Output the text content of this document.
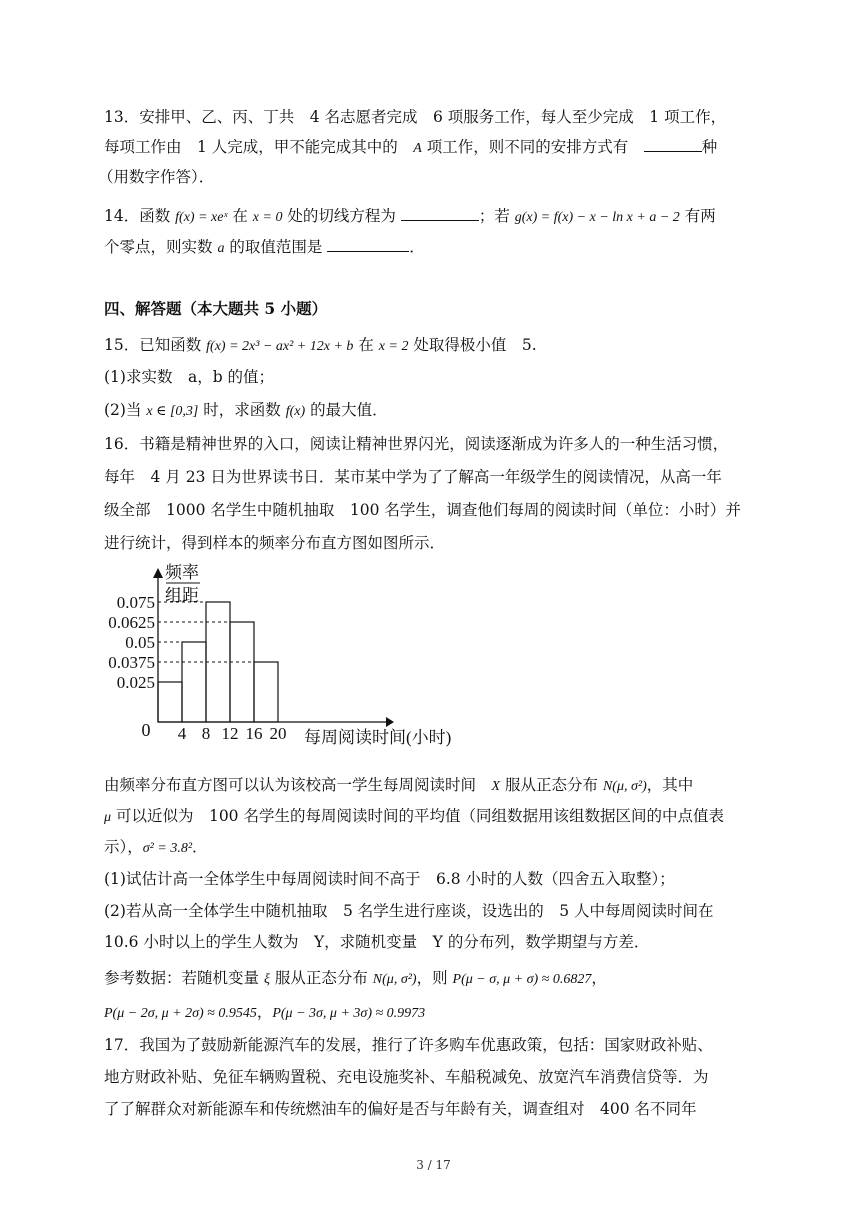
13．安排甲、乙、丙、丁共　4 名志愿者完成　6 项服务工作，每人至少完成　1 项工作，
每项工作由　1 人完成，甲不能完成其中的　A 项工作，则不同的安排方式有　	种
（用数字作答）．
14．函数 f(x) = xeˣ 在 x = 0 处的切线方程为	；若 g(x) = f(x) − x − ln x + a − 2 有两
个零点，则实数 a 的取值范围是	．
四、解答题（本大题共 5 小题）
15．已知函数 f(x) = 2x³ − ax² + 12x + b 在 x = 2 处取得极小值　5.
(1)求实数　a，b 的值；
(2)当 x ∈ [0,3] 时，求函数 f(x) 的最大值．
16．书籍是精神世界的入口，阅读让精神世界闪光，阅读逐渐成为许多人的一种生活习惯，
每年　4 月 23 日为世界读书日．某市某中学为了了解高一年级学生的阅读情况，从高一年
级全部　1000 名学生中随机抽取　100 名学生，调查他们每周的阅读时间（单位：小时）并
进行统计，得到样本的频率分布直方图如图所示．
0.075
0.0625
0.05
0.0375
0.025
0 4 8 12 16 20
频率
组距
每周阅读时间(小时)
由频率分布直方图可以认为该校高一学生每周阅读时间　X 服从正态分布 N(μ, σ²)，其中
μ 可以近似为　100 名学生的每周阅读时间的平均值（同组数据用该组数据区间的中点值表
示），σ² = 3.8²．
(1)试估计高一全体学生中每周阅读时间不高于　6.8 小时的人数（四舍五入取整）；
(2)若从高一全体学生中随机抽取　5 名学生进行座谈，设选出的　5 人中每周阅读时间在
10.6 小时以上的学生人数为　Y，求随机变量　Y 的分布列，数学期望与方差．
参考数据：若随机变量 ξ 服从正态分布 N(μ, σ²)，则 P(μ − σ, μ + σ) ≈ 0.6827，
P(μ − 2σ, μ + 2σ) ≈ 0.9545，P(μ − 3σ, μ + 3σ) ≈ 0.9973
17．我国为了鼓励新能源汽车的发展，推行了许多购车优惠政策，包括：国家财政补贴、
地方财政补贴、免征车辆购置税、充电设施奖补、车船税减免、放宽汽车消费信贷等．为
了了解群众对新能源车和传统燃油车的偏好是否与年龄有关，调查组对　400 名不同年
3 / 17
